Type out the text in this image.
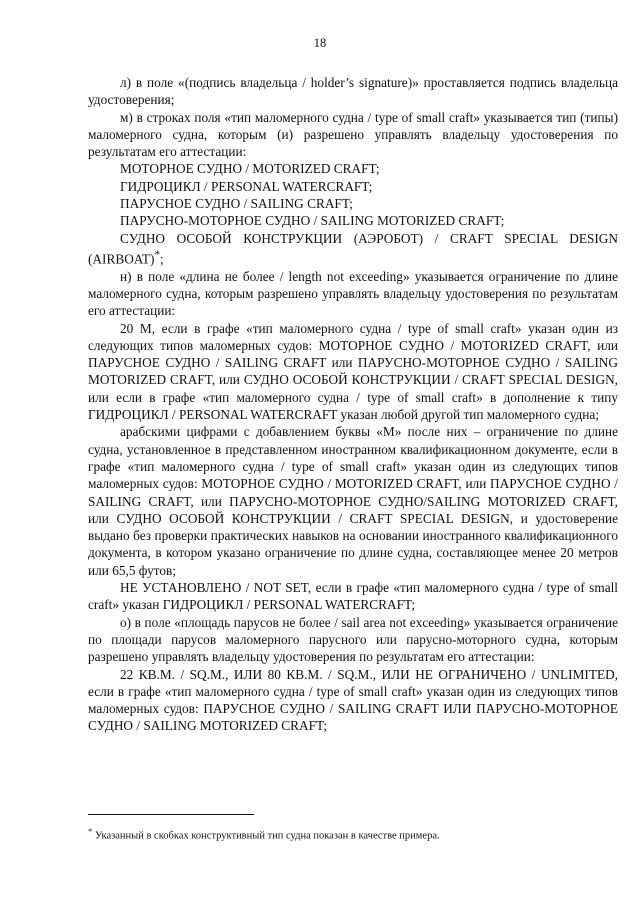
18

л) в поле «(подпись владельца / holder’s signature)» проставляется подпись владельца удостоверения;

м) в строках поля «тип маломерного судна / type of small craft» указывается тип (типы) маломерного судна, которым (и) разрешено управлять владельцу удостоверения по результатам его аттестации:

МОТОРНОЕ СУДНО / MOTORIZED CRAFT;

ГИДРОЦИКЛ / PERSONAL WATERCRAFT;

ПАРУСНОЕ СУДНО / SAILING CRAFT;

ПАРУСНО-МОТОРНОЕ СУДНО / SAILING MOTORIZED CRAFT;

СУДНО ОСОБОЙ КОНСТРУКЦИИ (АЭРОБОТ) / CRAFT SPECIAL DESIGN (AIRBOAT)*;

н) в поле «длина не более / length not exceeding» указывается ограничение по длине маломерного судна, которым разрешено управлять владельцу удостоверения по результатам его аттестации:

20 M, если в графе «тип маломерного судна / type of small craft» указан один из следующих типов маломерных судов: МОТОРНОЕ СУДНО / MOTORIZED CRAFT, или ПАРУСНОЕ СУДНО / SAILING CRAFT или ПАРУСНО-МОТОРНОЕ СУДНО / SAILING MOTORIZED CRAFT, или СУДНО ОСОБОЙ КОНСТРУКЦИИ / CRAFT SPECIAL DESIGN, или если в графе «тип маломерного судна / type of small craft» в дополнение к типу ГИДРОЦИКЛ / PERSONAL WATERCRAFT указан любой другой тип маломерного судна;

арабскими цифрами с добавлением буквы «М» после них – ограничение по длине судна, установленное в представленном иностранном квалификационном документе, если в графе «тип маломерного судна / type of small craft» указан один из следующих типов маломерных судов: МОТОРНОЕ СУДНО / MOTORIZED CRAFT, или ПАРУСНОЕ СУДНО / SAILING CRAFT, или ПАРУСНО-МОТОРНОЕ СУДНО/SAILING MOTORIZED CRAFT, или СУДНО ОСОБОЙ КОНСТРУКЦИИ / CRAFT SPECIAL DESIGN, и удостоверение выдано без проверки практических навыков на основании иностранного квалификационного документа, в котором указано ограничение по длине судна, составляющее менее 20 метров или 65,5 футов;

НЕ УСТАНОВЛЕНО / NOT SET, если в графе «тип маломерного судна / type of small craft» указан ГИДРОЦИКЛ / PERSONAL WATERCRAFT;

о) в поле «площадь парусов не более / sail area not exceeding» указывается ограничение по площади парусов маломерного парусного или парусно-моторного судна, которым разрешено управлять владельцу удостоверения по результатам его аттестации:

22 КВ.М. / SQ.M., ИЛИ 80 КВ.М. / SQ.M., ИЛИ НЕ ОГРАНИЧЕНО / UNLIMITED, если в графе «тип маломерного судна / type of small craft» указан один из следующих типов маломерных судов: ПАРУСНОЕ СУДНО / SAILING CRAFT ИЛИ ПАРУСНО-МОТОРНОЕ СУДНО / SAILING MOTORIZED CRAFT;

* Указанный в скобках конструктивный тип судна показан в качестве примера.
